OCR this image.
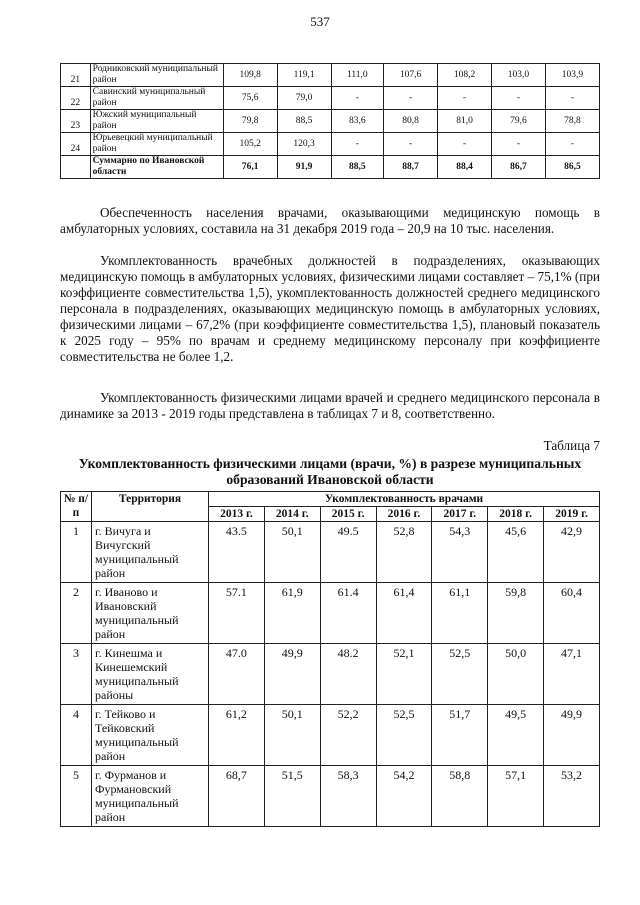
537
21	Родниковский муниципальный район	109,8	119,1	111,0	107,6	108,2	103,0	103,9
22	Савинский муниципальный район	75,6	79,0	-	-	-	-	-
23	Южский муниципальный район	79,8	88,5	83,6	80,8	81,0	79,6	78,8
24	Юрьевецкий муниципальный район	105,2	120,3	-	-	-	-	-
	Суммарно по Ивановской области	76,1	91,9	88,5	88,7	88,4	86,7	86,5

Обеспеченность населения врачами, оказывающими медицинскую помощь в амбулаторных условиях, составила на 31 декабря 2019 года – 20,9 на 10 тыс. населения.

Укомплектованность врачебных должностей в подразделениях, оказывающих медицинскую помощь в амбулаторных условиях, физическими лицами составляет – 75,1% (при коэффициенте совместительства 1,5), укомплектованность должностей среднего медицинского персонала в подразделениях, оказывающих медицинскую помощь в амбулаторных условиях, физическими лицами – 67,2% (при коэффициенте совместительства 1,5), плановый показатель к 2025 году – 95% по врачам и среднему медицинскому персоналу при коэффициенте совместительства не более 1,2.

Укомплектованность физическими лицами врачей и среднего медицинского персонала в динамике за 2013 - 2019 годы представлена в таблицах 7 и 8, соответственно.

Таблица 7
Укомплектованность физическими лицами (врачи, %) в разрезе муниципальных образований Ивановской области
№ п/п	Территория	Укомплектованность врачами						
		2013 г.	2014 г.	2015 г.	2016 г.	2017 г.	2018 г.	2019 г.
1	г. Вичуга и Вичугский муниципальный район	43.5	50,1	49.5	52,8	54,3	45,6	42,9
2	г. Иваново и Ивановский муниципальный район	57.1	61,9	61.4	61,4	61,1	59,8	60,4
3	г. Кинешма и Кинешемский муниципальный районы	47.0	49,9	48.2	52,1	52,5	50,0	47,1
4	г. Тейково и Тейковский муниципальный район	61,2	50,1	52,2	52,5	51,7	49,5	49,9
5	г. Фурманов и Фурмановский муниципальный район	68,7	51,5	58,3	54,2	58,8	57,1	53,2
